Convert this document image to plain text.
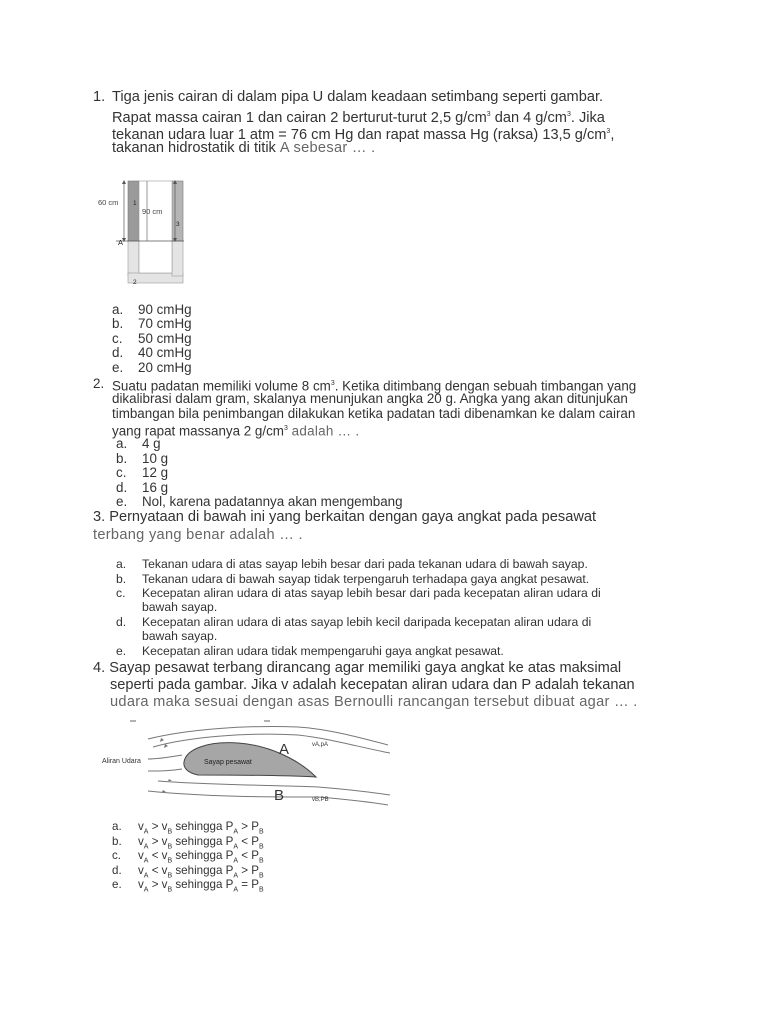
1. Tiga jenis cairan di dalam pipa U dalam keadaan setimbang seperti gambar.
Rapat massa cairan 1 dan cairan 2 berturut-turut 2,5 $g/cm^3$ dan 4 $g/cm^3$. Jika
tekanan udara luar 1 atm = 76 cm Hg dan rapat massa Hg (raksa) 13,5 $g/cm^3$,
takanan hidrostatik di titik A sebesar … .
60 cm
90 cm
1
3
2
A
a. 90 cmHg
b. 70 cmHg
c. 50 cmHg
d. 40 cmHg
e. 20 cmHg
2. Suatu padatan memiliki volume 8 $cm^3$. Ketika ditimbang dengan sebuah timbangan yang
dikalibrasi dalam gram, skalanya menunjukan angka 20 g. Angka yang akan ditunjukan
timbangan bila penimbangan dilakukan ketika padatan tadi dibenamkan ke dalam cairan
yang rapat massanya 2 $g/cm^3$ adalah … .
a. 4 g
b. 10 g
c. 12 g
d. 16 g
e. Nol, karena padatannya akan mengembang
3. Pernyataan di bawah ini yang berkaitan dengan gaya angkat pada pesawat
terbang yang benar adalah … .
a. Tekanan udara di atas sayap lebih besar dari pada tekanan udara di bawah sayap.
b. Tekanan udara di bawah sayap tidak terpengaruh terhadapa gaya angkat pesawat.
c. Kecepatan aliran udara di atas sayap lebih besar dari pada kecepatan aliran udara di
bawah sayap.
d. Kecepatan aliran udara di atas sayap lebih kecil daripada kecepatan aliran udara di
bawah sayap.
e. Kecepatan aliran udara tidak mempengaruhi gaya angkat pesawat.
4. Sayap pesawat terbang dirancang agar memiliki gaya angkat ke atas maksimal
seperti pada gambar. Jika v adalah kecepatan aliran udara dan P adalah tekanan
udara maka sesuai dengan asas Bernoulli rancangan tersebut dibuat agar … .
Aliran Udara	Sayap pesawat
A
B
vA,pA
vB,PB
a. $v_A > v_B$ sehingga $P_A > P_B$
b. $v_A > v_B$ sehingga $P_A < P_B$
c. $v_A < v_B$ sehingga $P_A < P_B$
d. $v_A < v_B$ sehingga $P_A > P_B$
e. $v_A > v_B$ sehingga $P_A = P_B$
